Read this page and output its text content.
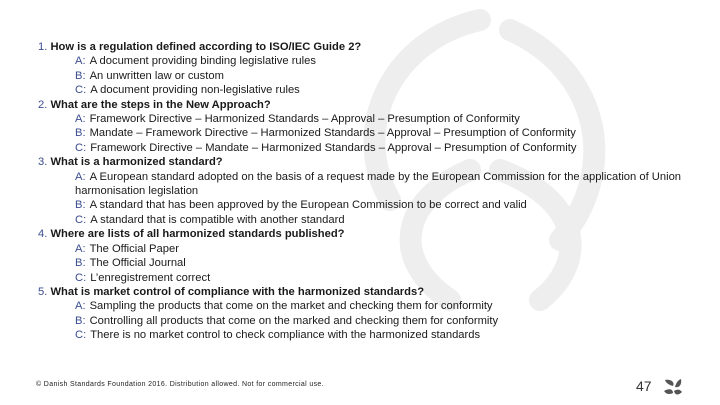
1. How is a regulation defined according to ISO/IEC Guide 2?
A: A document providing binding legislative rules
B: An unwritten law or custom
C: A document providing non-legislative rules
2. What are the steps in the New Approach?
A: Framework Directive – Harmonized Standards – Approval – Presumption of Conformity
B: Mandate – Framework Directive – Harmonized Standards – Approval – Presumption of Conformity
C: Framework Directive – Mandate – Harmonized Standards – Approval – Presumption of Conformity
3. What is a harmonized standard?
A: A European standard adopted on the basis of a request made by the European Commission for the application of Union harmonisation legislation
B: A standard that has been approved by the European Commission to be correct and valid
C: A standard that is compatible with another standard
4. Where are lists of all harmonized standards published?
A: The Official Paper
B: The Official Journal
C: L’enregistrement correct
5. What is market control of compliance with the harmonized standards?
A: Sampling the products that come on the market and checking them for conformity
B: Controlling all products that come on the marked and checking them for conformity
C: There is no market control to check compliance with the harmonized standards
© Danish Standards Foundation 2016. Distribution allowed. Not for commercial use.	47
